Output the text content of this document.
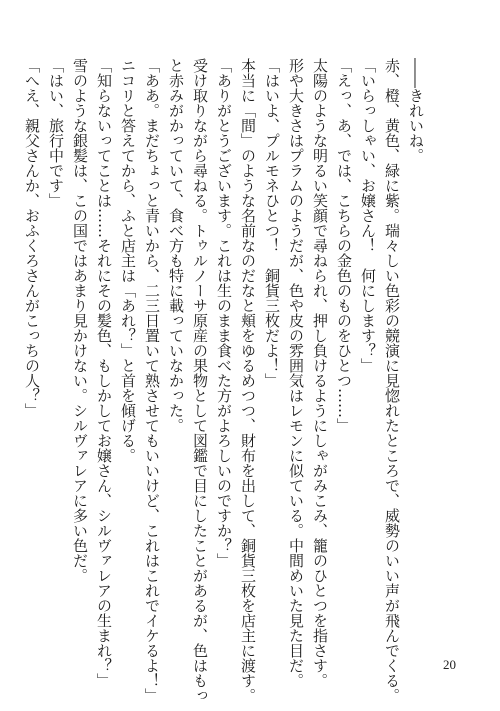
――きれいね。

赤、橙、黄色、緑に紫。瑞々しい色彩の競演に見惚れたところで、威勢のいい声が飛んでくる。

「いらっしゃい、お嬢さん！　何にします？」

「えっ、あ、では、こちらの金色のものをひとつ……」

太陽のような明るい笑顔で尋ねられ、押し負けるようにしゃがみこみ、籠のひとつを指さす。

形や大きさはプラムのようだが、色や皮の雰囲気はレモンに似ている。中間めいた見た目だ。

「はいよ、プルモネひとつ！　銅貨三枚だよ！」

本当に「間」のような名前なのだなと頬をゆるめつつ、財布を出して、銅貨三枚を店主に渡す。

「ありがとうございます。これは生のまま食べた方がよろしいのですか？」

受け取りながら尋ねる。トゥルノーサ原産の果物として図鑑で目にしたことがあるが、色はもっ

と赤みがかっていて、食べ方も特に載っていなかった。

「ああ。まだちょっと青いから、二三日置いて熟させてもいいけど、これはこれでイケるよ！」

ニコリと答えてから、ふと店主は「あれ？」と首を傾げる。

「知らないってことは……それにその髪色、もしかしてお嬢さん、シルヴァレアの生まれ？」

雪のような銀髪は、この国ではあまり見かけない。シルヴァレアに多い色だ。

「はい、旅行中です」

「へえ、親父さんか、おふくろさんがこっちの人？」

20
